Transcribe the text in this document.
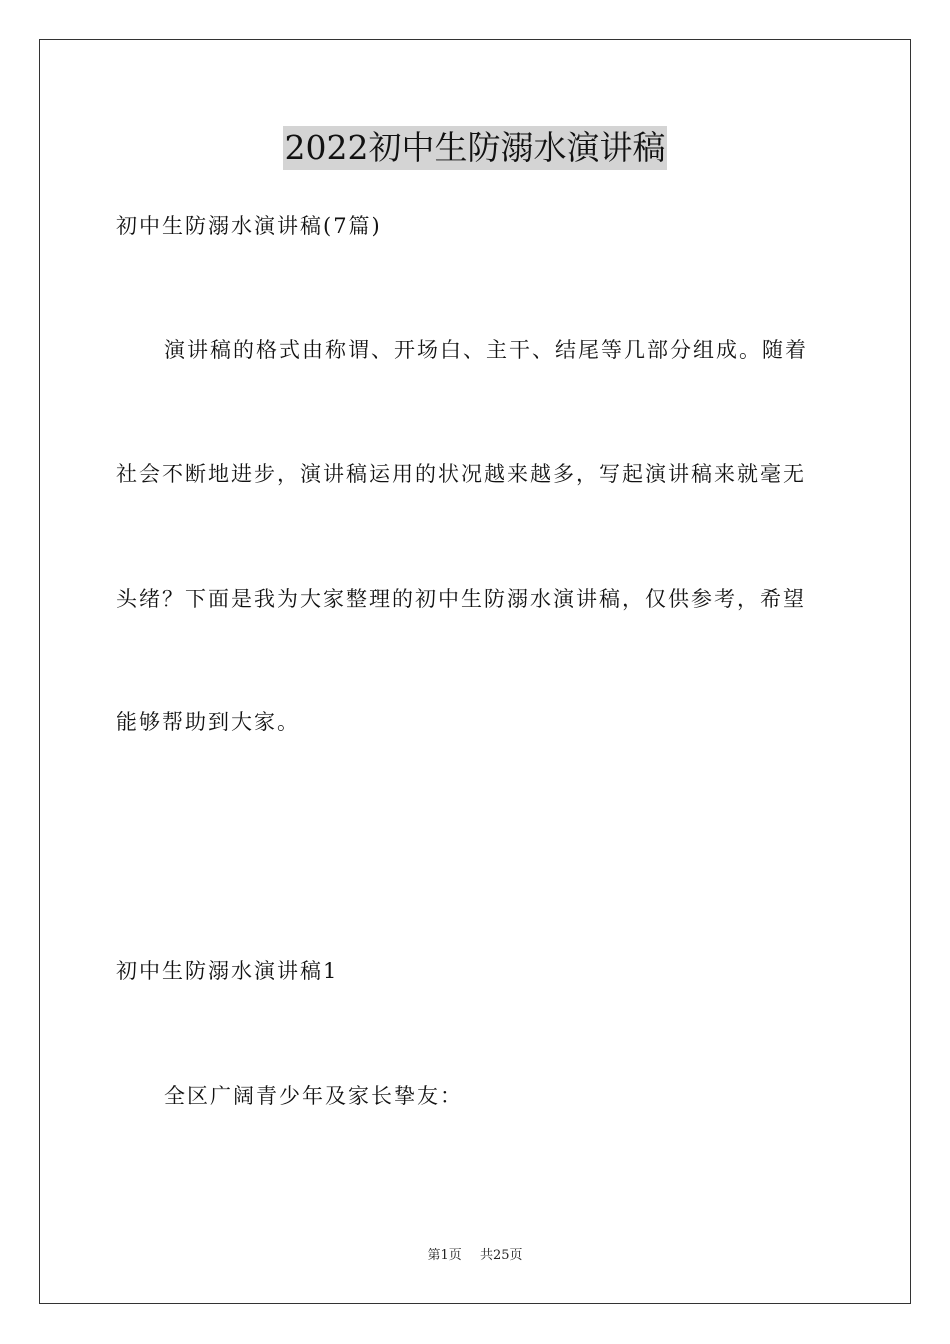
2022初中生防溺水演讲稿
初中生防溺水演讲稿(7篇)
演讲稿的格式由称谓、开场白、主干、结尾等几部分组成。随着
社会不断地进步，演讲稿运用的状况越来越多，写起演讲稿来就毫无
头绪？下面是我为大家整理的初中生防溺水演讲稿，仅供参考，希望
能够帮助到大家。
初中生防溺水演讲稿1
全区广阔青少年及家长挚友：
第1页 共25页
